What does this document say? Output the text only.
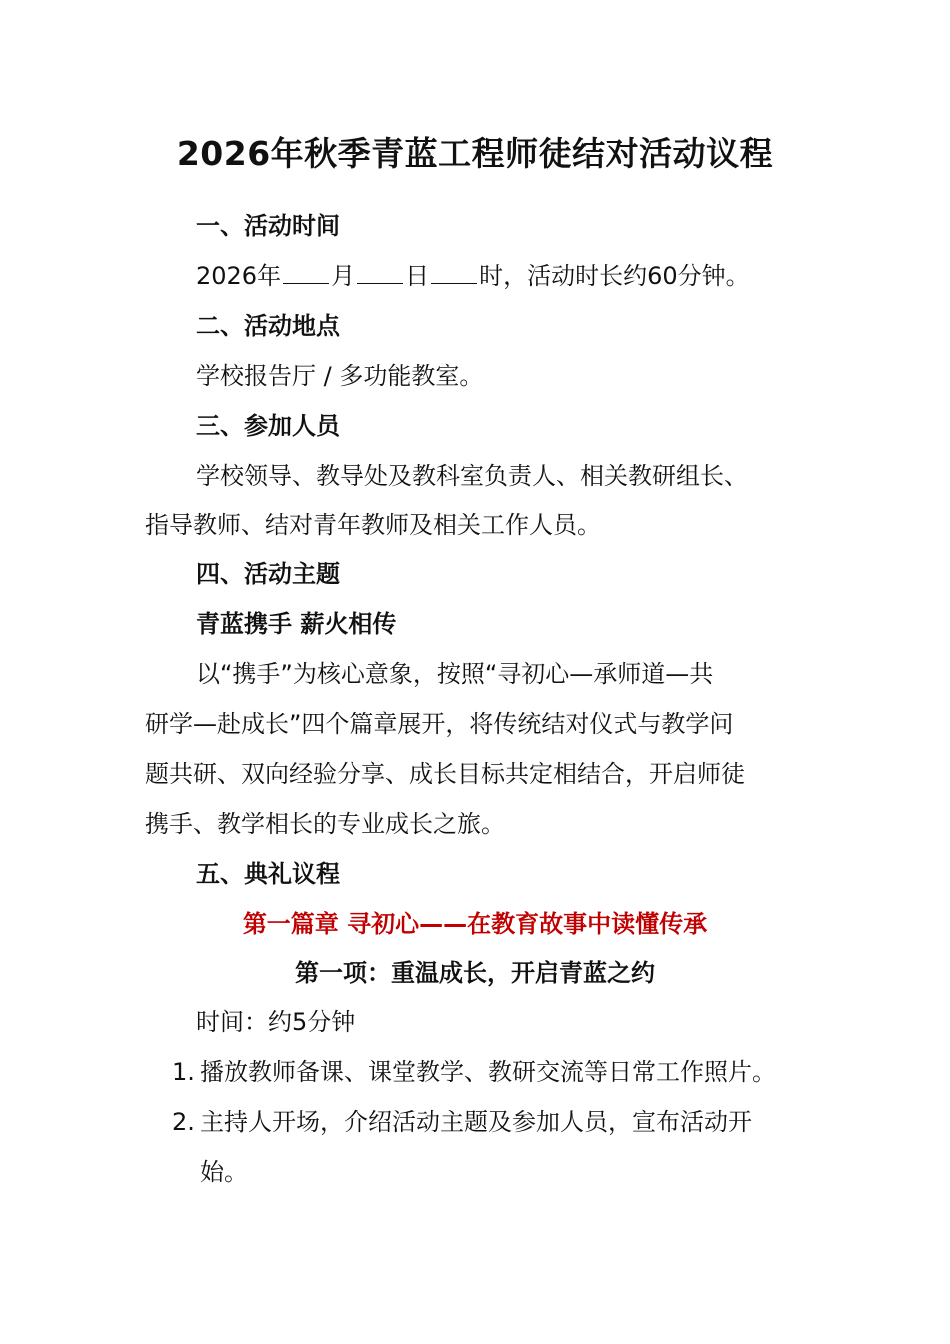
2026年秋季青蓝工程师徒结对活动议程
一、活动时间
2026年 月 日 时，活动时长约60分钟。
二、活动地点
学校报告厅 / 多功能教室。
三、参加人员
学校领导、教导处及教科室负责人、相关教研组长、
指导教师、结对青年教师及相关工作人员。
四、活动主题
青蓝携手 薪火相传
以“携手”为核心意象，按照“寻初心—承师道—共
研学—赴成长”四个篇章展开，将传统结对仪式与教学问
题共研、双向经验分享、成长目标共定相结合，开启师徒
携手、教学相长的专业成长之旅。
五、典礼议程
第一篇章 寻初心——在教育故事中读懂传承
第一项：重温成长，开启青蓝之约
时间：约5分钟
1. 播放教师备课、课堂教学、教研交流等日常工作照片。
2. 主持人开场，介绍活动主题及参加人员，宣布活动开
始。
